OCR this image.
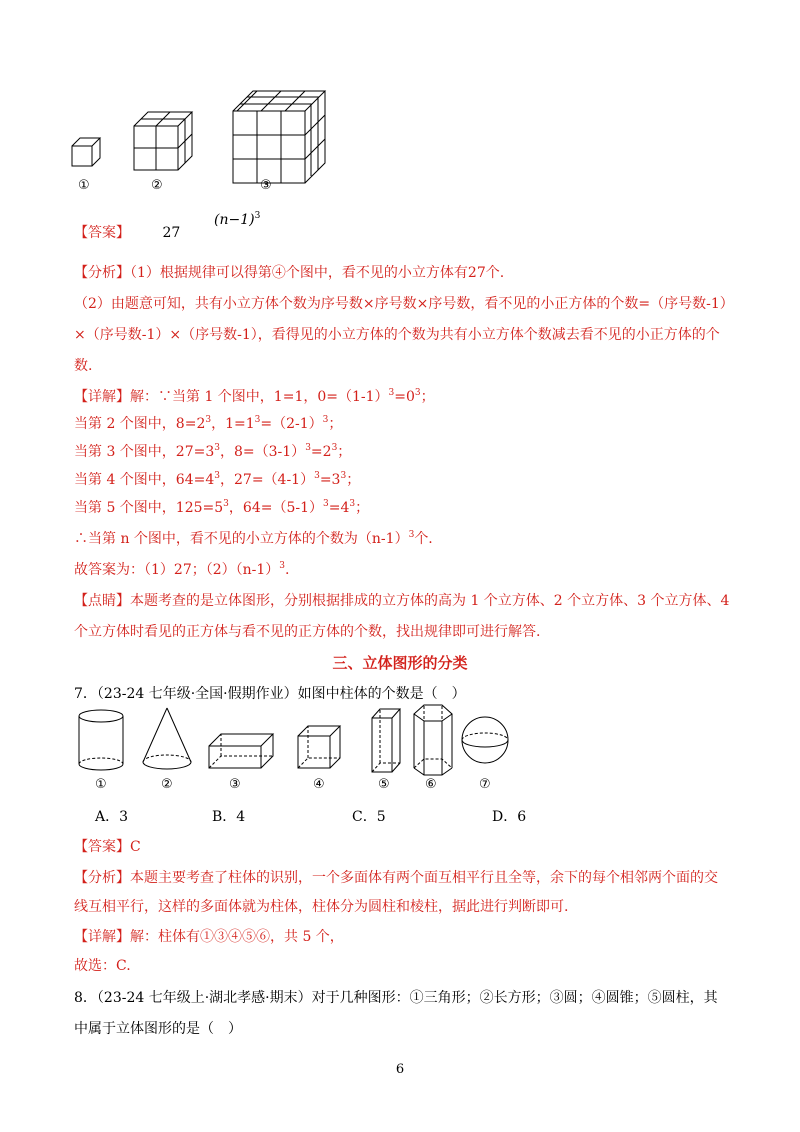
①	②	③
【答案】 27
$(n-1)^3$
【分析】（1）根据规律可以得第④个图中，看不见的小立方体有27个.
（2）由题意可知，共有小立方体个数为序号数×序号数×序号数，看不见的小正方体的个数=（序号数-1）
×（序号数-1）×（序号数-1），看得见的小立方体的个数为共有小立方体个数减去看不见的小正方体的个
数.
【详解】解：∵当第 1 个图中，1=1，$0=(1-1)^3=0^3$；
当第 2 个图中，$8=2^3$，$1=1^3=(2-1)^3$；
当第 3 个图中，$27=3^3$，$8=(3-1)^3=2^3$；
当第 4 个图中，$64=4^3$，$27=(4-1)^3=3^3$；
当第 5 个图中，$125=5^3$，$64=(5-1)^3=4^3$；
∴当第 n 个图中，看不见的小立方体的个数为$(n-1)^3$个.
故答案为：（1）27；$(2)(n-1)^3$.
【点睛】本题考查的是立体图形，分别根据排成的立方体的高为 1 个立方体、2 个立方体、3 个立方体、4
个立方体时看见的正方体与看不见的正方体的个数，找出规律即可进行解答.
三、立体图形的分类
7．（23-24 七年级·全国·假期作业）如图中柱体的个数是（　）
①	②	③	④	⑤	⑥	⑦
A．3	B．4	C．5	D．6
【答案】C
【分析】本题主要考查了柱体的识别，一个多面体有两个面互相平行且全等，余下的每个相邻两个面的交
线互相平行，这样的多面体就为柱体，柱体分为圆柱和棱柱，据此进行判断即可.
【详解】解：柱体有①③④⑤⑥，共 5 个，
故选：C.
8．（23-24 七年级上·湖北孝感·期末）对于几种图形：①三角形；②长方形；③圆；④圆锥；⑤圆柱，其
中属于立体图形的是（　）
6
